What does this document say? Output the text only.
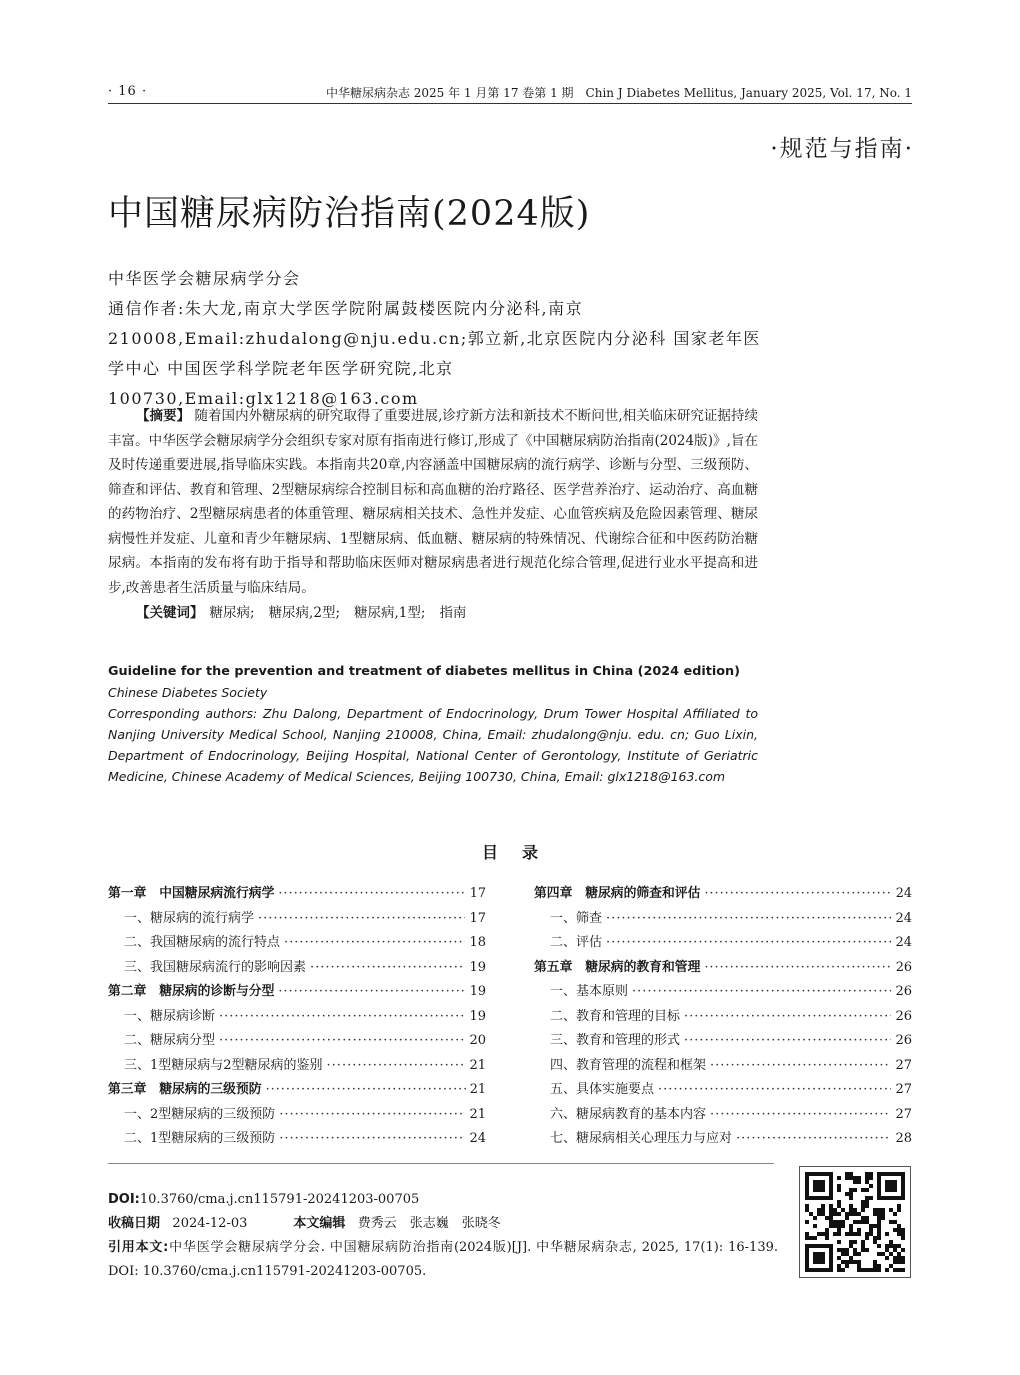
· 16 ·	中华糖尿病杂志 2025 年 1 月第 17 卷第 1 期　Chin J Diabetes Mellitus, January 2025, Vol. 17, No. 1
·规范与指南·
中国糖尿病防治指南(2024版)
中华医学会糖尿病学分会
通信作者:朱大龙,南京大学医学院附属鼓楼医院内分泌科,南京 210008,Email:zhudalong@nju.edu.cn;郭立新,北京医院内分泌科 国家老年医学中心 中国医学科学院老年医学研究院,北京 100730,Email:glx1218@163.com

【摘要】 随着国内外糖尿病的研究取得了重要进展,诊疗新方法和新技术不断问世,相关临床研究证据持续丰富。中华医学会糖尿病学分会组织专家对原有指南进行修订,形成了《中国糖尿病防治指南(2024版)》,旨在及时传递重要进展,指导临床实践。本指南共20章,内容涵盖中国糖尿病的流行病学、诊断与分型、三级预防、筛查和评估、教育和管理、2型糖尿病综合控制目标和高血糖的治疗路径、医学营养治疗、运动治疗、高血糖的药物治疗、2型糖尿病患者的体重管理、糖尿病相关技术、急性并发症、心血管疾病及危险因素管理、糖尿病慢性并发症、儿童和青少年糖尿病、1型糖尿病、低血糖、糖尿病的特殊情况、代谢综合征和中医药防治糖尿病。本指南的发布将有助于指导和帮助临床医师对糖尿病患者进行规范化综合管理,促进行业水平提高和进步,改善患者生活质量与临床结局。

【关键词】 糖尿病; 糖尿病,2型; 糖尿病,1型; 指南
Guideline for the prevention and treatment of diabetes mellitus in China (2024 edition)
Chinese Diabetes Society
Corresponding authors: Zhu Dalong, Department of Endocrinology, Drum Tower Hospital Affiliated to Nanjing University Medical School, Nanjing 210008, China, Email: zhudalong@nju. edu. cn; Guo Lixin, Department of Endocrinology, Beijing Hospital, National Center of Gerontology, Institute of Geriatric Medicine, Chinese Academy of Medical Sciences, Beijing 100730, China, Email: glx1218@163.com
目录
第一章　中国糖尿病流行病学 ·····	17
一、糖尿病的流行病学 ·····	17
二、我国糖尿病的流行特点 ·····	18
三、我国糖尿病流行的影响因素 ·····	19
第二章　糖尿病的诊断与分型 ·····	19
一、糖尿病诊断 ·····	19
二、糖尿病分型 ·····	20
三、1型糖尿病与2型糖尿病的鉴别 ·····	21
第三章　糖尿病的三级预防 ·····	21
一、2型糖尿病的三级预防 ·····	21
二、1型糖尿病的三级预防 ·····	24
第四章　糖尿病的筛查和评估 ·····	24
一、筛查 ·····	24
二、评估 ·····	24
第五章　糖尿病的教育和管理 ·····	26
一、基本原则 ·····	26
二、教育和管理的目标 ·····	26
三、教育和管理的形式 ·····	26
四、教育管理的流程和框架 ·····	27
五、具体实施要点 ·····	27
六、糖尿病教育的基本内容 ·····	27
七、糖尿病相关心理压力与应对 ·····	28
DOI:10.3760/cma.j.cn115791-20241203-00705
收稿日期 2024-12-03	本文编辑 费秀云　张志巍　张晓冬
引用本文:中华医学会糖尿病学分会. 中国糖尿病防治指南(2024版)[J]. 中华糖尿病杂志, 2025, 17(1): 16-139. DOI: 10.3760/cma.j.cn115791-20241203-00705.
